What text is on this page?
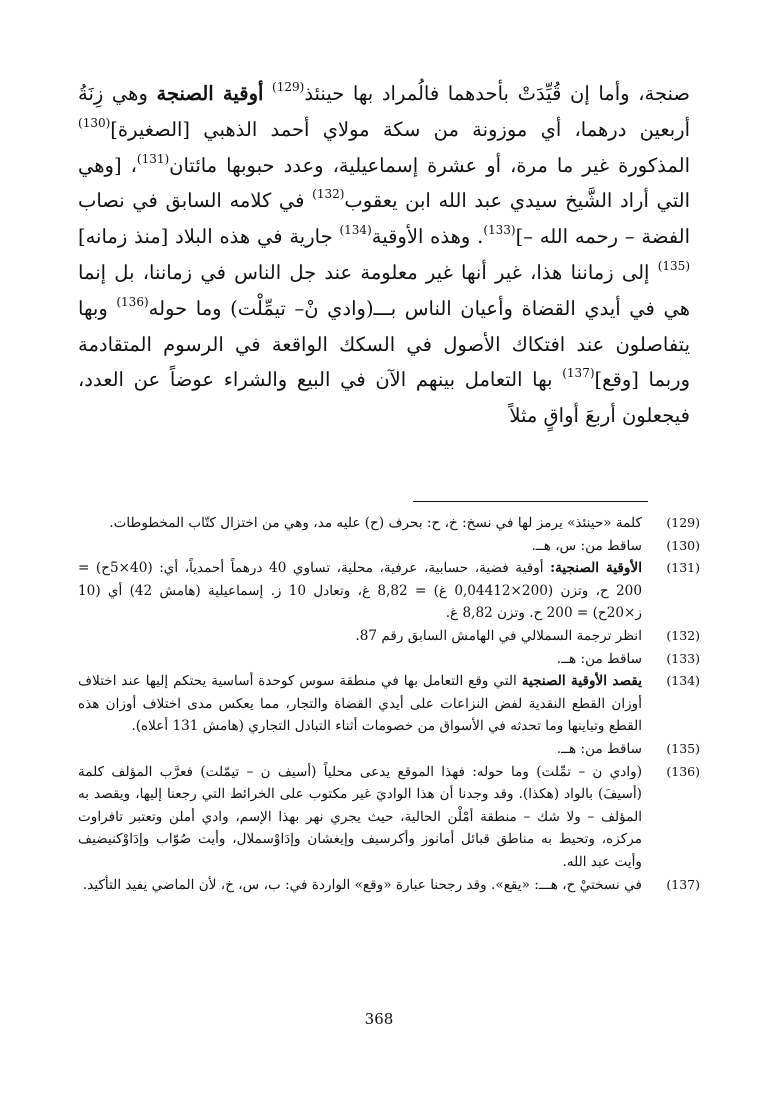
صنجة، وأما إن قُيِّدَتْ بأحدهما فالُمراد بها حينئذ$^{(129)}$ أوقية الصنجة وهي زِنَةُ أربعين درهما، أي موزونة من سكة مولاي أحمد الذهبي [الصغيرة]$^{(130)}$ المذكورة غير ما مرة، أو عشرة إسماعيلية، وعدد حبوبها مائتان$^{(131)}$، [وهي التي أراد الشَّيخ سيدي عبد الله ابن يعقوب$^{(132)}$ في كلامه السابق في نصاب الفضة – رحمه الله –]$^{(133)}$. وهذه الأوقية$^{(134)}$ جارية في هذه البلاد [منذ زمانه]$^{(135)}$ إلى زماننا هذا، غير أنها غير معلومة عند جل الناس في زماننا، بل إنما هي في أيدي القضاة وأعيان الناس بـــ(وادي نْ– تيمِّلْت) وما حوله$^{(136)}$ وبها يتفاصلون عند افتكاك الأصول في السكك الواقعة في الرسوم المتقادمة وربما [وقع]$^{(137)}$ بها التعامل بينهم الآن في البيع والشراء عوضاً عن العدد، فيجعلون أربعَ أواقٍ مثلاً

(129)
كلمة «حينئذ» يرمز لها في نسخ: خ، ح: بحرف (ح) عليه مد، وهي من اختزال كتّاب المخطوطات.
(130)
ساقط من: س، هــ.
(131)
الأوقية الصنجية: أوقية فضية، حسابية، عرفية، محلية، تساوي 40 درهماً أحمدياً، أي: (40×5ح) = 200 ح، وتزن (200×0,04412 غ) = 8,82 غ، وتعادل 10 ز. إسماعيلية (هامش 42) أي (10 ز×20ح) = 200 ح. وتزن 8,82 غ.
(132)
انظر ترجمة السملالي في الهامش السابق رقم 87.
(133)
ساقط من: هــ.
(134)
يقصد الأوقية الصنجية التي وقع التعامل بها في منطقة سوس كوحدة أساسية يحتكم إليها عند اختلاف أوزان القطع النقدية لفض النزاعات على أيدي القضاة والتجار، مما يعكس مدى اختلاف أوزان هذه القطع وتباينها وما تحدثه في الأسواق من خصومات أثناء التبادل التجاري (هامش 131 أعلاه).
(135)
ساقط من: هــ.
(136)
(وادي ن – تمِّلت) وما حوله: فهذا الموقع يدعى محلياً (أسيف ن – تيمّلت) فعرَّب المؤلف كلمة (أسيفَ) بالواد (هكذا). وقد وجدنا أن هذا الواديَ غير مكتوب على الخرائط التي رجعنا إليها، ويقصد به المؤلف – ولا شك – منطقة أمْلْن الحالية، حيث يجري نهر بهذا الإسم، وادي أملن وتعتبر تافراوت مركزه، وتحيط به مناطق قبائل أمانوز وأكرسيف وإيغشان وإدَاوْسملال، وأيت صُوّاب وإدَاوْكنيضيف وأيت عبد الله.
(137)
في نسختيْ ح، هـــ: «يقع». وقد رجحنا عبارة «وقع» الواردة في: ب، س، خ، لأن الماضي يفيد التأكيد.
368
